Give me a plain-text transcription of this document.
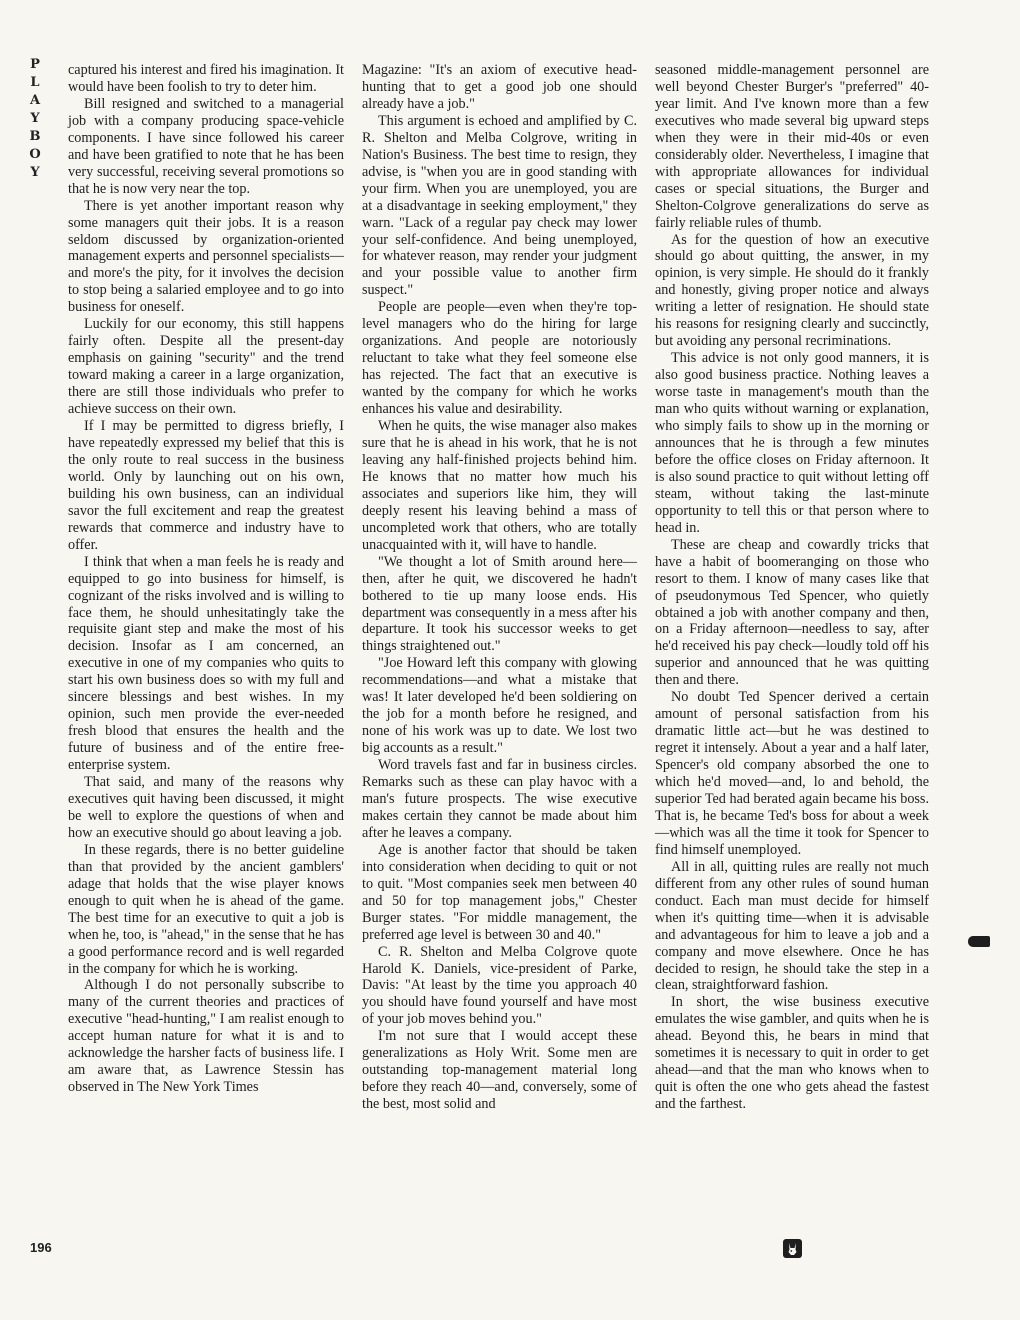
P
L
A
Y
B
O
Y

captured his interest and fired his imagination. It would have been foolish to try to deter him.

Bill resigned and switched to a managerial job with a company producing space-vehicle components. I have since followed his career and have been gratified to note that he has been very successful, receiving several promotions so that he is now very near the top.

There is yet another important reason why some managers quit their jobs. It is a reason seldom discussed by organization-oriented management experts and personnel specialists—and more's the pity, for it involves the decision to stop being a salaried employee and to go into business for oneself.

Luckily for our economy, this still happens fairly often. Despite all the present-day emphasis on gaining "security" and the trend toward making a career in a large organization, there are still those individuals who prefer to achieve success on their own.

If I may be permitted to digress briefly, I have repeatedly expressed my belief that this is the only route to real success in the business world. Only by launching out on his own, building his own business, can an individual savor the full excitement and reap the greatest rewards that commerce and industry have to offer.

I think that when a man feels he is ready and equipped to go into business for himself, is cognizant of the risks involved and is willing to face them, he should unhesitatingly take the requisite giant step and make the most of his decision. Insofar as I am concerned, an executive in one of my companies who quits to start his own business does so with my full and sincere blessings and best wishes. In my opinion, such men provide the ever-needed fresh blood that ensures the health and the future of business and of the entire free-enterprise system.

That said, and many of the reasons why executives quit having been discussed, it might be well to explore the questions of when and how an executive should go about leaving a job.

In these regards, there is no better guideline than that provided by the ancient gamblers' adage that holds that the wise player knows enough to quit when he is ahead of the game. The best time for an executive to quit a job is when he, too, is "ahead," in the sense that he has a good performance record and is well regarded in the company for which he is working.

Although I do not personally subscribe to many of the current theories and practices of executive "head-hunting," I am realist enough to accept human nature for what it is and to acknowledge the harsher facts of business life. I am aware that, as Lawrence Stessin has observed in The New York Times

Magazine: "It's an axiom of executive head-hunting that to get a good job one should already have a job."

This argument is echoed and amplified by C. R. Shelton and Melba Colgrove, writing in Nation's Business. The best time to resign, they advise, is "when you are in good standing with your firm. When you are unemployed, you are at a disadvantage in seeking employment," they warn. "Lack of a regular pay check may lower your self-confidence. And being unemployed, for whatever reason, may render your judgment and your possible value to another firm suspect."

People are people—even when they're top-level managers who do the hiring for large organizations. And people are notoriously reluctant to take what they feel someone else has rejected. The fact that an executive is wanted by the company for which he works enhances his value and desirability.

When he quits, the wise manager also makes sure that he is ahead in his work, that he is not leaving any half-finished projects behind him. He knows that no matter how much his associates and superiors like him, they will deeply resent his leaving behind a mass of uncompleted work that others, who are totally unacquainted with it, will have to handle.

"We thought a lot of Smith around here—then, after he quit, we discovered he hadn't bothered to tie up many loose ends. His department was consequently in a mess after his departure. It took his successor weeks to get things straightened out."

"Joe Howard left this company with glowing recommendations—and what a mistake that was! It later developed he'd been soldiering on the job for a month before he resigned, and none of his work was up to date. We lost two big accounts as a result."

Word travels fast and far in business circles. Remarks such as these can play havoc with a man's future prospects. The wise executive makes certain they cannot be made about him after he leaves a company.

Age is another factor that should be taken into consideration when deciding to quit or not to quit. "Most companies seek men between 40 and 50 for top management jobs," Chester Burger states. "For middle management, the preferred age level is between 30 and 40."

C. R. Shelton and Melba Colgrove quote Harold K. Daniels, vice-president of Parke, Davis: "At least by the time you approach 40 you should have found yourself and have most of your job moves behind you."

I'm not sure that I would accept these generalizations as Holy Writ. Some men are outstanding top-management material long before they reach 40—and, conversely, some of the best, most solid and

seasoned middle-management personnel are well beyond Chester Burger's "preferred" 40-year limit. And I've known more than a few executives who made several big upward steps when they were in their mid-40s or even considerably older. Nevertheless, I imagine that with appropriate allowances for individual cases or special situations, the Burger and Shelton-Colgrove generalizations do serve as fairly reliable rules of thumb.

As for the question of how an executive should go about quitting, the answer, in my opinion, is very simple. He should do it frankly and honestly, giving proper notice and always writing a letter of resignation. He should state his reasons for resigning clearly and succinctly, but avoiding any personal recriminations.

This advice is not only good manners, it is also good business practice. Nothing leaves a worse taste in management's mouth than the man who quits without warning or explanation, who simply fails to show up in the morning or announces that he is through a few minutes before the office closes on Friday afternoon. It is also sound practice to quit without letting off steam, without taking the last-minute opportunity to tell this or that person where to head in.

These are cheap and cowardly tricks that have a habit of boomeranging on those who resort to them. I know of many cases like that of pseudonymous Ted Spencer, who quietly obtained a job with another company and then, on a Friday afternoon—needless to say, after he'd received his pay check—loudly told off his superior and announced that he was quitting then and there.

No doubt Ted Spencer derived a certain amount of personal satisfaction from his dramatic little act—but he was destined to regret it intensely. About a year and a half later, Spencer's old company absorbed the one to which he'd moved—and, lo and behold, the superior Ted had berated again became his boss. That is, he became Ted's boss for about a week—which was all the time it took for Spencer to find himself unemployed.

All in all, quitting rules are really not much different from any other rules of sound human conduct. Each man must decide for himself when it's quitting time—when it is advisable and advantageous for him to leave a job and a company and move elsewhere. Once he has decided to resign, he should take the step in a clean, straightforward fashion.

In short, the wise business executive emulates the wise gambler, and quits when he is ahead. Beyond this, he bears in mind that sometimes it is necessary to quit in order to get ahead—and that the man who knows when to quit is often the one who gets ahead the fastest and the farthest.

196
